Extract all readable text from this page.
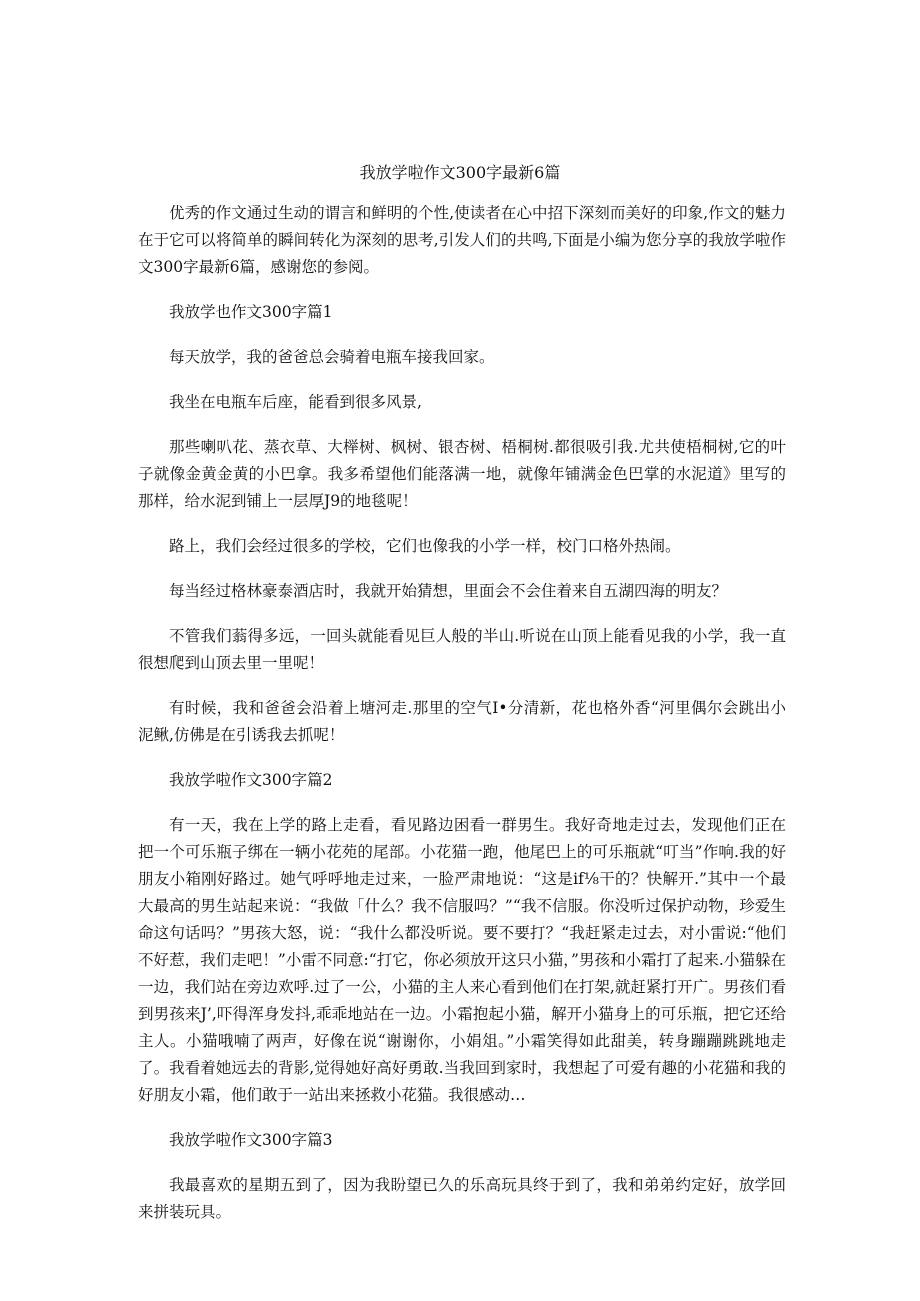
我放学啦作文300字最新6篇

优秀的作文通过生动的谓言和鲜明的个性,使读者在心中招下深刻而美好的印象,作文的魅力在于它可以将简单的瞬间转化为深刻的思考,引发人们的共鸣,下面是小编为您分享的我放学啦作文300字最新6篇，感谢您的参阅。

我放学也作文300字篇1

每天放学，我的爸爸总会骑着电瓶车接我回家。

我坐在电瓶车后座，能看到很多风景,

那些喇叭花、蒸衣草、大榉树、枫树、银杏树、梧桐树.都很吸引我.尤共使梧桐树,它的叶子就像金黄金黄的小巴拿。我多希望他们能落满一地，就像年铺满金色巴掌的水泥道》里写的那样，给水泥到铺上一层厚J9的地毯呢！

路上，我们会经过很多的学校，它们也像我的小学一样，校门口格外热闹。

每当经过格林豪泰酒店时，我就开始猜想，里面会不会住着来自五湖四海的明友？

不管我们蓊得多远，一回头就能看见巨人般的半山.听说在山顶上能看见我的小学，我一直很想爬到山顶去里一里呢！

有时候，我和爸爸会沿着上塘河走.那里的空气I•分清新，花也格外香“河里偶尔会跳出小泥鳅,仿佛是在引诱我去抓呢！

我放学啦作文300字篇2

有一天，我在上学的路上走看，看见路边困看一群男生。我好奇地走过去，发现他们正在把一个可乐瓶子绑在一辆小花苑的尾部。小花猫一跑，他尾巴上的可乐瓶就“叮当”作响.我的好朋友小箱刚好路过。她气呼呼地走过来，一脸严肃地说：“这是if⅛干的？快解开.”其中一个最大最高的男生站起来说：“我做「什么？我不信服吗？”“我不信服。你没听过保护动物，珍爱生命这句话吗？”男孩大怒，说：“我什么都没听说。要不要打？“我赶紧走过去，对小雷说:“他们不好惹，我们走吧！”小雷不同意:“打它，你必须放开这只小猫，”男孩和小霜打了起来.小猫躲在一边，我们站在旁边欢呼.过了一公，小猫的主人来心看到他们在打架,就赶紧打开广。男孩们看到男孩来J’,吓得浑身发抖,乖乖地站在一边。小霜抱起小猫，解开小猫身上的可乐瓶，把它还给主人。小猫哦喃了两声，好像在说“谢谢你，小娟俎。”小霜笑得如此甜美，转身蹦蹦跳跳地走了。我看着她远去的背影,觉得她好高好勇敢.当我回到家时，我想起了可爱有趣的小花猫和我的好朋友小霜，他们敢于一站出来拯救小花猫。我很感动…

我放学啦作文300字篇3

我最喜欢的星期五到了，因为我盼望已久的乐高玩具终于到了，我和弟弟约定好，放学回来拼装玩具。
